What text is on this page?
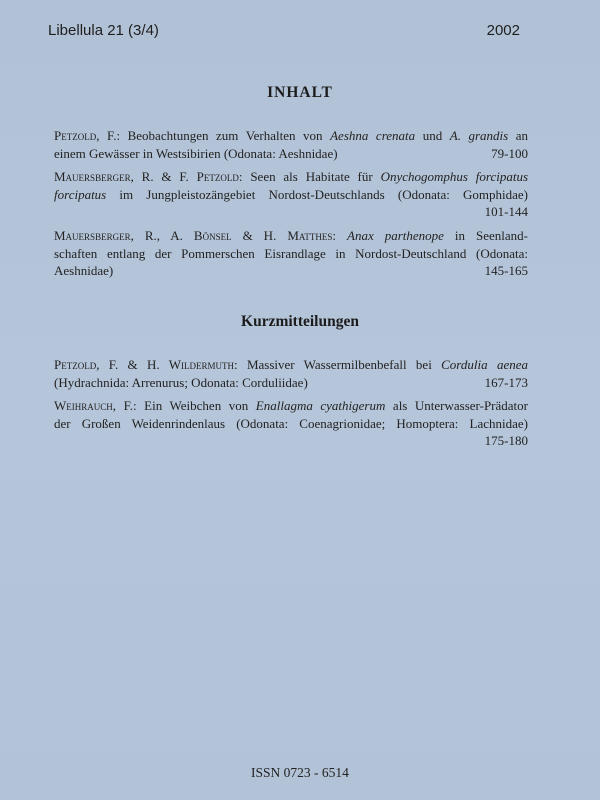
Libellula 21 (3/4)	2002
INHALT
Petzold, F.: Beobachtungen zum Verhalten von Aeshna crenata und A. grandis an
einem Gewässer in Westsibirien (Odonata: Aeshnidae)	79-100
Mauersberger, R. & F. Petzold: Seen als Habitate für Onychogomphus forcipatus
forcipatus im Jungpleistozängebiet Nordost-Deutschlands (Odonata: Gomphidae)
101-144
Mauersberger, R., A. Bönsel & H. Matthes: Anax parthenope in Seenland-
schaften entlang der Pommerschen Eisrandlage in Nordost-Deutschland (Odonata:
Aeshnidae)	145-165
Kurzmitteilungen
Petzold, F. & H. Wildermuth: Massiver Wassermilbenbefall bei Cordulia aenea
(Hydrachnida: Arrenurus; Odonata: Corduliidae)	167-173
Weihrauch, F.: Ein Weibchen von Enallagma cyathigerum als Unterwasser-Prädator
der Großen Weidenrindenlaus (Odonata: Coenagrionidae; Homoptera: Lachnidae)
175-180
ISSN 0723 - 6514
